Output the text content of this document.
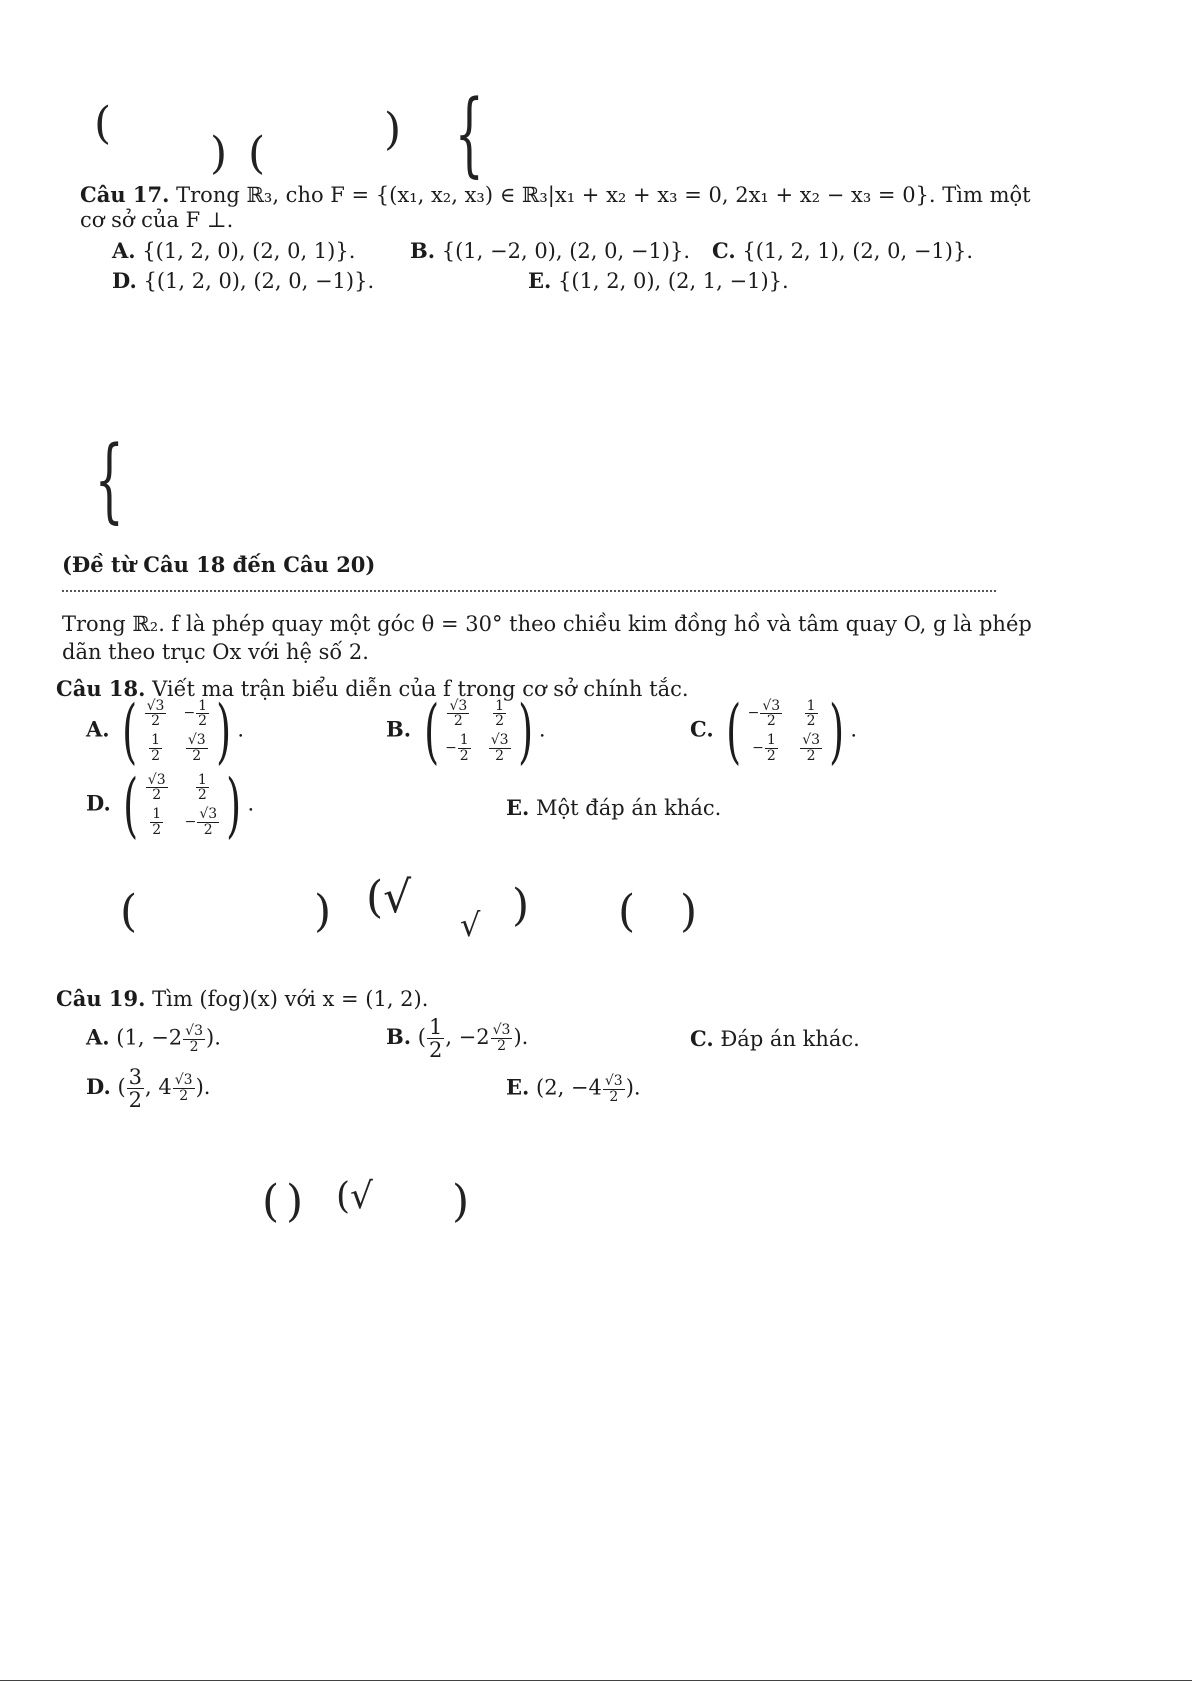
(
) (	) {
Câu 17. Trong ℝ₃, cho F = {(x₁, x₂, x₃) ∈ ℝ₃|x₁ + x₂ + x₃ = 0, 2x₁ + x₂ − x₃ = 0}. Tìm một
cơ sở của F ⊥.
A. {(1, 2, 0), (2, 0, 1)}.	B. {(1, −2, 0), (2, 0, −1)}. C. {(1, 2, 1), (2, 0, −1)}.
D. {(1, 2, 0), (2, 0, −1)}.	E. {(1, 2, 0), (2, 1, −1)}.
{
(Đề từ Câu 18 đến Câu 20)
Trong ℝ₂. f là phép quay một góc θ = 30° theo chiều kim đồng hồ và tâm quay O, g là phép
dãn theo trục Ox với hệ số 2.
Câu 18. Viết ma trận biểu diễn của f trong cơ sở chính tắc.
A. ( $\frac{√3}{2} - \frac{1}{2}$
$\frac{1}{2} \frac{√3}{2}$ ) .	B. ( $\frac{√3}{2} \frac{1}{2}$
− $\frac{1}{2} \frac{√3}{2}$ ) .	C. ( − $\frac{√3}{2} \frac{1}{2}$
− $\frac{1}{2} \frac{√3}{2}$ ) .
D. ( $\frac{√3}{2} \frac{1}{2}$
$\frac{1}{2} - \frac{√3}{2}$ ) .	E. Một đáp án khác.
(	) (√
√ ) ( )
Câu 19. Tìm (fog)(x) với x = (1, 2).
A. (1, $-2 \frac{√3}{2}$ ).	B. ( $\frac{1}{2}$ , $-2 \frac{√3}{2}$ ).	C. Đáp án khác.
D. ( $\frac{3}{2}$ , $4 \frac{√3}{2}$ ).	E. (2, $-4 \frac{√3}{2}$ ).
( ) (√ )
